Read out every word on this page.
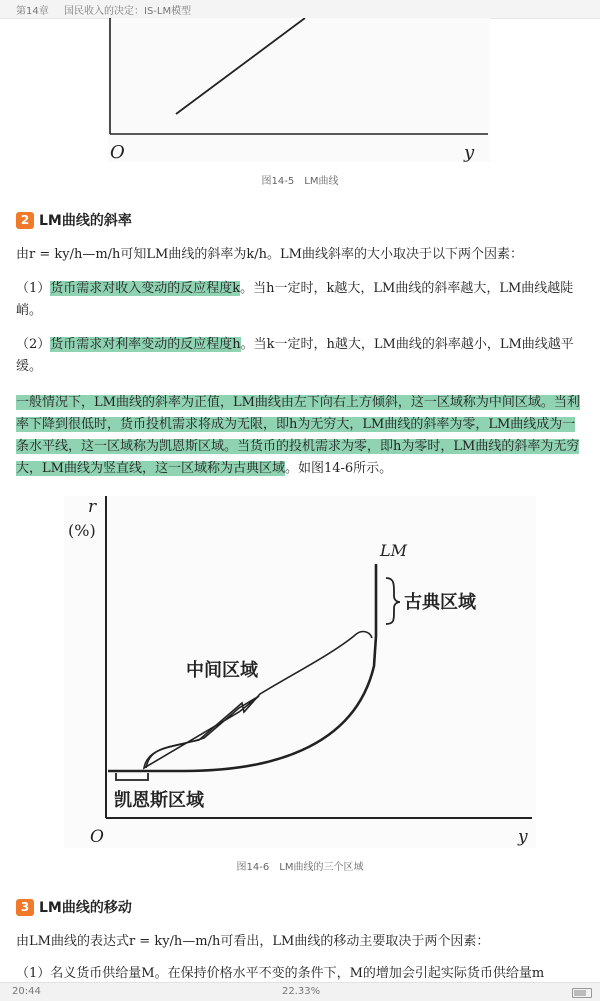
第14章 国民收入的决定：IS-LM模型
O	y
图14-5　LM曲线
2 LM曲线的斜率
由r = ky/h—m/h可知LM曲线的斜率为k/h。LM曲线斜率的大小取决于以下两个因素：
（1）货币需求对收入变动的反应程度k。当h一定时，k越大，LM曲线的斜率越大，LM曲线越陡峭。
（2）货币需求对利率变动的反应程度h。当k一定时，h越大，LM曲线的斜率越小，LM曲线越平缓。
一般情况下，LM曲线的斜率为正值，LM曲线由左下向右上方倾斜，这一区域称为中间区域。当利率下降到很低时，货币投机需求将成为无限，即h为无穷大，LM曲线的斜率为零，LM曲线成为一条水平线，这一区域称为凯恩斯区域。当货币的投机需求为零，即h为零时，LM曲线的斜率为无穷大，LM曲线为竖直线，这一区域称为古典区域。如图14-6所示。
r
(%)
LM
古典区域
中间区域
凯恩斯区域
O	y
图14-6　LM曲线的三个区域
3 LM曲线的移动
由LM曲线的表达式r = ky/h—m/h可看出，LM曲线的移动主要取决于两个因素：
（1）名义货币供给量M。在保持价格水平不变的条件下，M的增加会引起实际货币供给量m
20:44	22.33%
